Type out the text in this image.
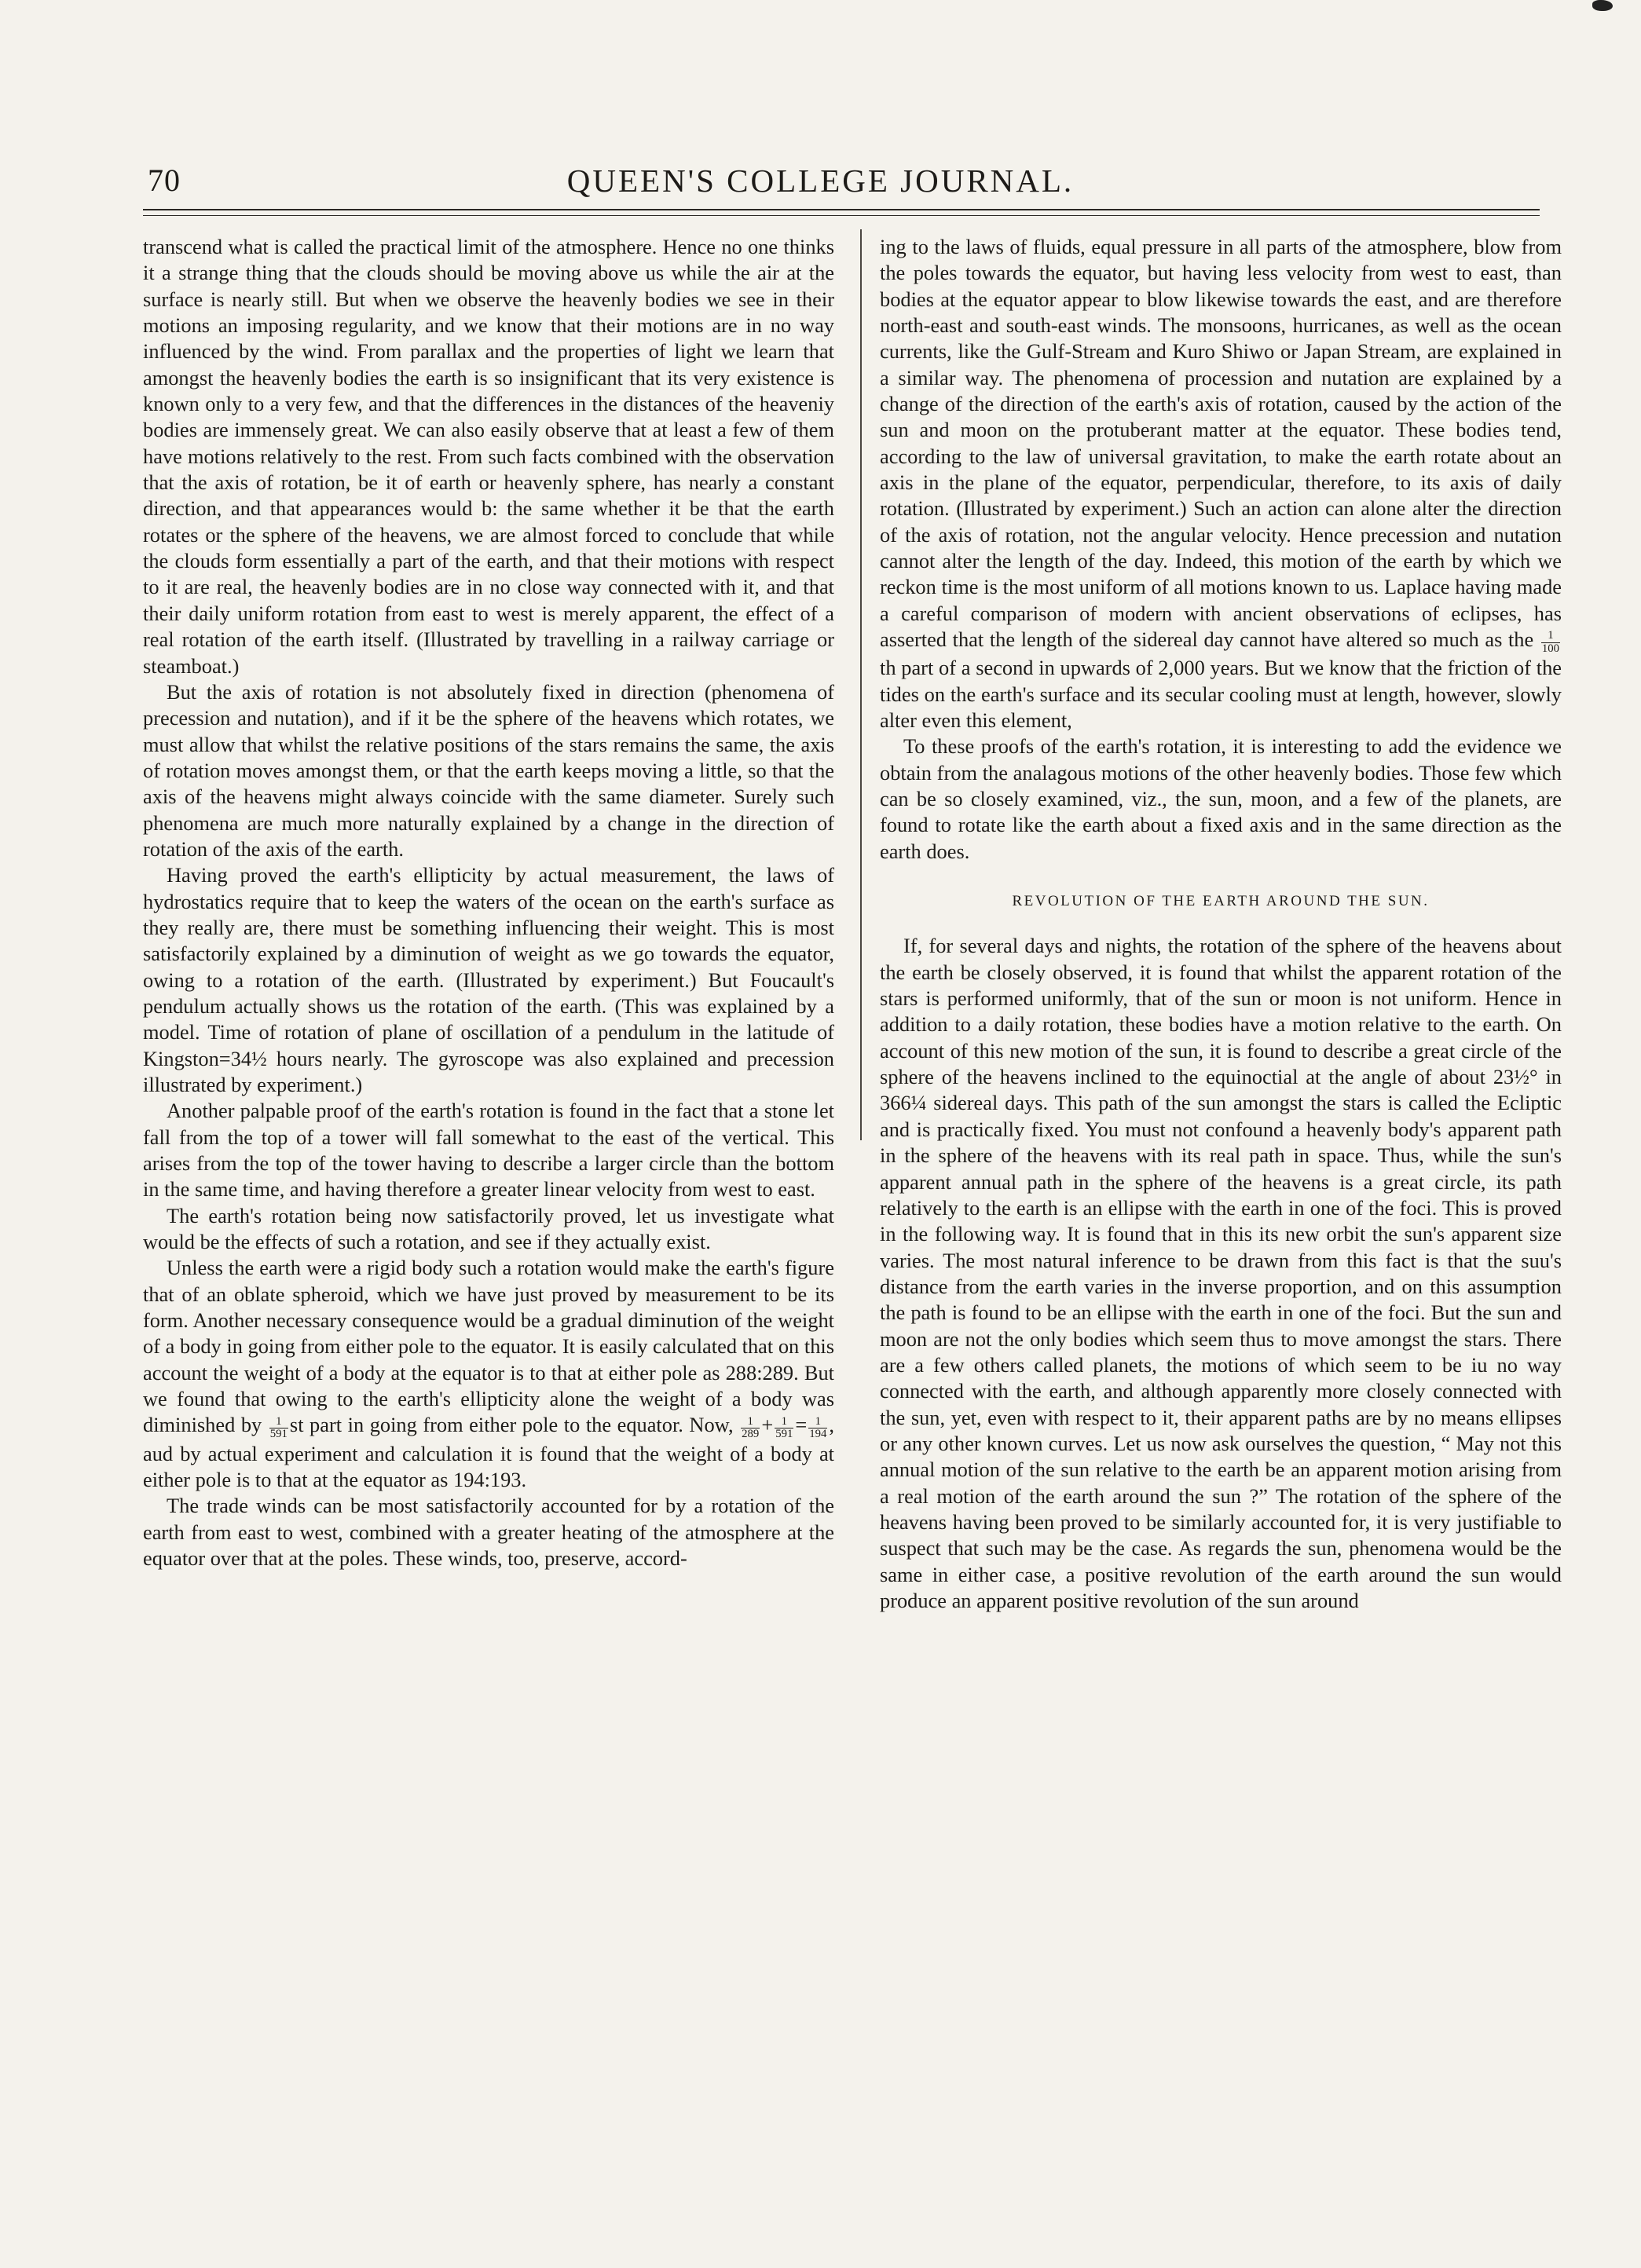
70	QUEEN'S COLLEGE JOURNAL.

transcend what is called the practical limit of the atmosphere. Hence no one thinks it a strange thing that the clouds should be moving above us while the air at the surface is nearly still. But when we observe the heavenly bodies we see in their motions an imposing regularity, and we know that their motions are in no way influenced by the wind. From parallax and the properties of light we learn that amongst the heavenly bodies the earth is so insignificant that its very existence is known only to a very few, and that the differences in the distances of the heaveniy bodies are immensely great. We can also easily observe that at least a few of them have motions relatively to the rest. From such facts combined with the observation that the axis of rotation, be it of earth or heavenly sphere, has nearly a constant direction, and that appearances would b: the same whether it be that the earth rotates or the sphere of the heavens, we are almost forced to conclude that while the clouds form essentially a part of the earth, and that their motions with respect to it are real, the heavenly bodies are in no close way connected with it, and that their daily uniform rotation from east to west is merely apparent, the effect of a real rotation of the earth itself. (Illustrated by travelling in a railway carriage or steamboat.)

But the axis of rotation is not absolutely fixed in direction (phenomena of precession and nutation), and if it be the sphere of the heavens which rotates, we must allow that whilst the relative positions of the stars remains the same, the axis of rotation moves amongst them, or that the earth keeps moving a little, so that the axis of the heavens might always coincide with the same diameter. Surely such phenomena are much more naturally explained by a change in the direction of rotation of the axis of the earth.

Having proved the earth's ellipticity by actual measurement, the laws of hydrostatics require that to keep the waters of the ocean on the earth's surface as they really are, there must be something influencing their weight. This is most satisfactorily explained by a diminution of weight as we go towards the equator, owing to a rotation of the earth. (Illustrated by experiment.) But Foucault's pendulum actually shows us the rotation of the earth. (This was explained by a model. Time of rotation of plane of oscillation of a pendulum in the latitude of Kingston=34½ hours nearly. The gyroscope was also explained and precession illustrated by experiment.)

Another palpable proof of the earth's rotation is found in the fact that a stone let fall from the top of a tower will fall somewhat to the east of the vertical. This arises from the top of the tower having to describe a larger circle than the bottom in the same time, and having therefore a greater linear velocity from west to east.

The earth's rotation being now satisfactorily proved, let us investigate what would be the effects of such a rotation, and see if they actually exist.

Unless the earth were a rigid body such a rotation would make the earth's figure that of an oblate spheroid, which we have just proved by measurement to be its form. Another necessary consequence would be a gradual diminution of the weight of a body in going from either pole to the equator. It is easily calculated that on this account the weight of a body at the equator is to that at either pole as 288:289. But we found that owing to the earth's ellipticity alone the weight of a body was diminished by $\frac{1}{591}$ st part in going from either pole to the equator. Now, $\frac{1}{289} + \frac{1}{591} = \frac{1}{194}$ , aud by actual experiment and calculation it is found that the weight of a body at either pole is to that at the equator as 194:193.

The trade winds can be most satisfactorily accounted for by a rotation of the earth from east to west, combined with a greater heating of the atmosphere at the equator over that at the poles. These winds, too, preserve, accord-

ing to the laws of fluids, equal pressure in all parts of the atmosphere, blow from the poles towards the equator, but having less velocity from west to east, than bodies at the equator appear to blow likewise towards the east, and are therefore north-east and south-east winds. The monsoons, hurricanes, as well as the ocean currents, like the Gulf-Stream and Kuro Shiwo or Japan Stream, are explained in a similar way. The phenomena of procession and nutation are explained by a change of the direction of the earth's axis of rotation, caused by the action of the sun and moon on the protuberant matter at the equator. These bodies tend, according to the law of universal gravitation, to make the earth rotate about an axis in the plane of the equator, perpendicular, therefore, to its axis of daily rotation. (Illustrated by experiment.) Such an action can alone alter the direction of the axis of rotation, not the angular velocity. Hence precession and nutation cannot alter the length of the day. Indeed, this motion of the earth by which we reckon time is the most uniform of all motions known to us. Laplace having made a careful comparison of modern with ancient observations of eclipses, has asserted that the length of the sidereal day cannot have altered so much as the $\frac{1}{100}$
th part of a second in upwards of 2,000 years. But we know that the friction of the tides on the earth's surface and its secular cooling must at length, however, slowly alter even this element,

To these proofs of the earth's rotation, it is interesting to add the evidence we obtain from the analagous motions of the other heavenly bodies. Those few which can be so closely examined, viz., the sun, moon, and a few of the planets, are found to rotate like the earth about a fixed axis and in the same direction as the earth does.

REVOLUTION OF THE EARTH AROUND THE SUN.

If, for several days and nights, the rotation of the sphere of the heavens about the earth be closely observed, it is found that whilst the apparent rotation of the stars is performed uniformly, that of the sun or moon is not uniform. Hence in addition to a daily rotation, these bodies have a motion relative to the earth. On account of this new motion of the sun, it is found to describe a great circle of the sphere of the heavens inclined to the equinoctial at the angle of about 23½° in 366¼ sidereal days. This path of the sun amongst the stars is called the Ecliptic and is practically fixed. You must not confound a heavenly body's apparent path in the sphere of the heavens with its real path in space. Thus, while the sun's apparent annual path in the sphere of the heavens is a great circle, its path relatively to the earth is an ellipse with the earth in one of the foci. This is proved in the following way. It is found that in this its new orbit the sun's apparent size varies. The most natural inference to be drawn from this fact is that the suu's distance from the earth varies in the inverse proportion, and on this assumption the path is found to be an ellipse with the earth in one of the foci. But the sun and moon are not the only bodies which seem thus to move amongst the stars. There are a few others called planets, the motions of which seem to be iu no way connected with the earth, and although apparently more closely connected with the sun, yet, even with respect to it, their apparent paths are by no means ellipses or any other known curves. Let us now ask ourselves the question, “ May not this annual motion of the sun relative to the earth be an apparent motion arising from a real motion of the earth around the sun ?” The rotation of the sphere of the heavens having been proved to be similarly accounted for, it is very justifiable to suspect that such may be the case. As regards the sun, phenomena would be the same in either case, a positive revolution of the earth around the sun would produce an apparent positive revolution of the sun around
